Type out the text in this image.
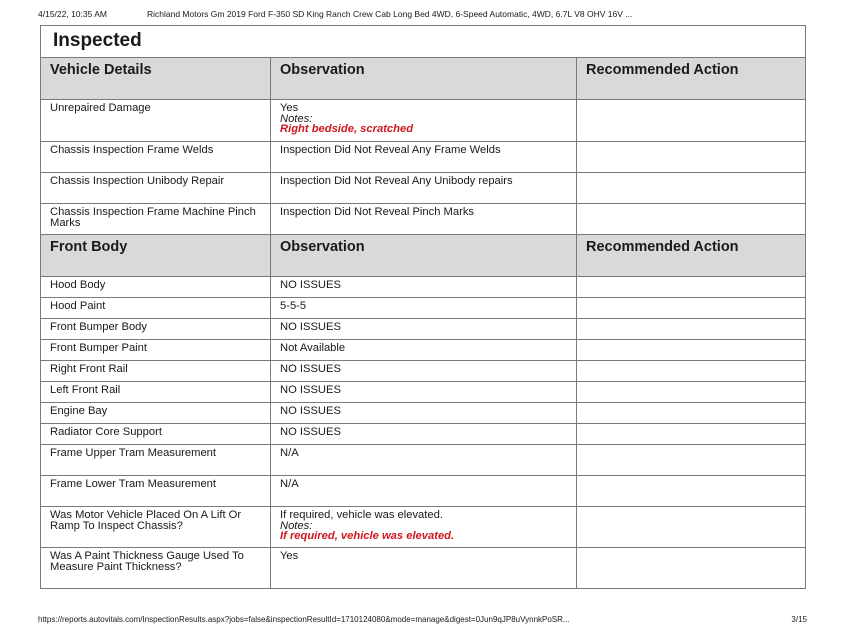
4/15/22, 10:35 AM	Richland Motors Gm 2019 Ford F-350 SD King Ranch Crew Cab Long Bed 4WD, 6-Speed Automatic, 4WD, 6.7L V8 OHV 16V ...
Inspected		
Vehicle Details	Observation	Recommended Action
Unrepaired Damage	Yes
Notes:
Right bedside, scratched	

Chassis Inspection Frame Welds	Inspection Did Not Reveal Any Frame Welds	
Chassis Inspection Unibody Repair	Inspection Did Not Reveal Any Unibody repairs	
Chassis Inspection Frame Machine Pinch Marks	Inspection Did Not Reveal Pinch Marks	
Front Body	Observation	Recommended Action
Hood Body	NO ISSUES	
Hood Paint	5-5-5	
Front Bumper Body	NO ISSUES	
Front Bumper Paint	Not Available	
Right Front Rail	NO ISSUES	
Left Front Rail	NO ISSUES	
Engine Bay	NO ISSUES	
Radiator Core Support	NO ISSUES	
Frame Upper Tram Measurement	N/A	
Frame Lower Tram Measurement	N/A	
Was Motor Vehicle Placed On A Lift Or Ramp To Inspect Chassis?	If required, vehicle was elevated.
Notes:
If required, vehicle was elevated.	

Was A Paint Thickness Gauge Used To Measure Paint Thickness?	Yes	
https://reports.autovitals.com/InspectionResults.aspx?jobs=false&inspectionResultId=1710124080&mode=manage&digest=0Jun9qJP8uVynnkPoSR...	3/15
